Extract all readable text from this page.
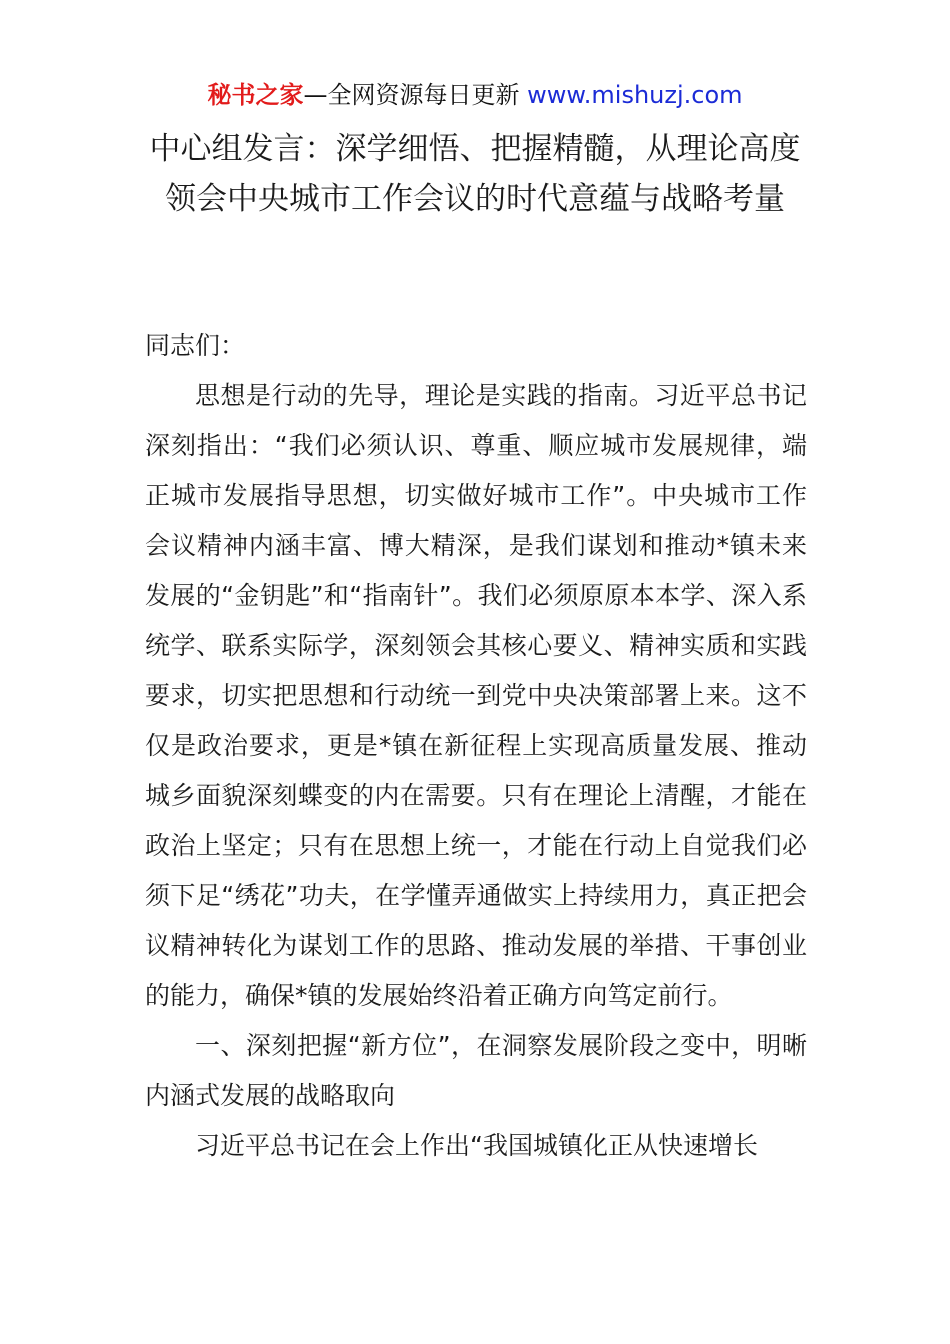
秘书之家—全网资源每日更新 www.mishuzj.com
中心组发言：深学细悟、把握精髓，从理论高度领会中央城市工作会议的时代意蕴与战略考量

同志们：

思想是行动的先导，理论是实践的指南。习近平总书记深刻指出：“我们必须认识、尊重、顺应城市发展规律，端正城市发展指导思想，切实做好城市工作”。中央城市工作会议精神内涵丰富、博大精深，是我们谋划和推动*镇未来发展的“金钥匙”和“指南针”。我们必须原原本本学、深入系统学、联系实际学，深刻领会其核心要义、精神实质和实践要求，切实把思想和行动统一到党中央决策部署上来。这不仅是政治要求，更是*镇在新征程上实现高质量发展、推动城乡面貌深刻蝶变的内在需要。只有在理论上清醒，才能在政治上坚定；只有在思想上统一，才能在行动上自觉我们必须下足“绣花”功夫，在学懂弄通做实上持续用力，真正把会议精神转化为谋划工作的思路、推动发展的举措、干事创业的能力，确保*镇的发展始终沿着正确方向笃定前行。

一、深刻把握“新方位”，在洞察发展阶段之变中，明晰内涵式发展的战略取向

习近平总书记在会上作出“我国城镇化正从快速增长
